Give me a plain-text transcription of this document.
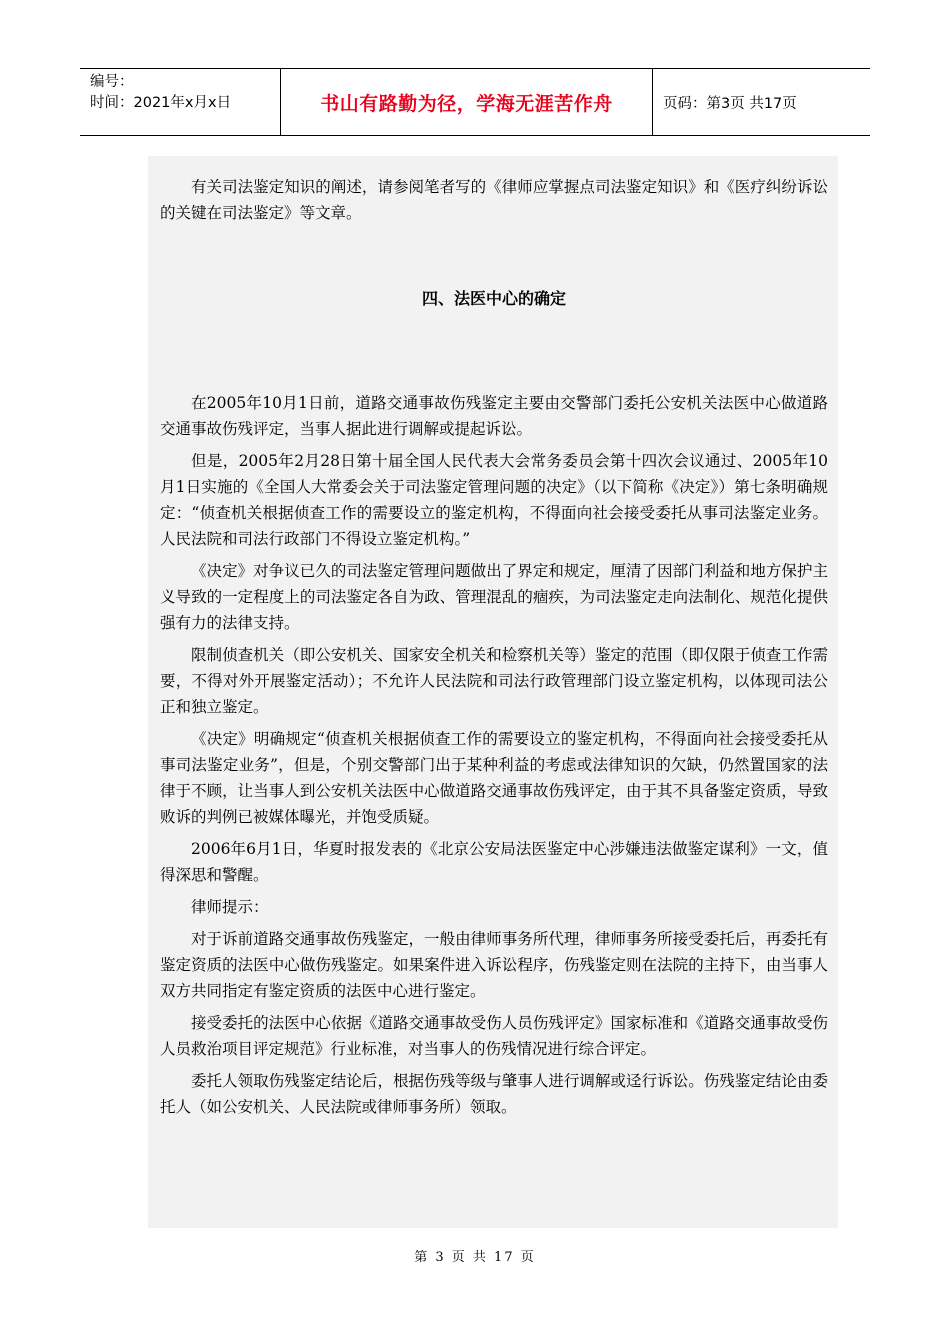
编号：
时间：2021年x月x日	书山有路勤为径，学海无涯苦作舟	页码：第3页 共17页

有关司法鉴定知识的阐述，请参阅笔者写的《律师应掌握点司法鉴定知识》和《医疗纠纷诉讼的关键在司法鉴定》等文章。

四、法医中心的确定

在2005年10月1日前，道路交通事故伤残鉴定主要由交警部门委托公安机关法医中心做道路交通事故伤残评定，当事人据此进行调解或提起诉讼。

但是，2005年2月28日第十届全国人民代表大会常务委员会第十四次会议通过、2005年10月1日实施的《全国人大常委会关于司法鉴定管理问题的决定》（以下简称《决定》）第七条明确规定：“侦查机关根据侦查工作的需要设立的鉴定机构，不得面向社会接受委托从事司法鉴定业务。人民法院和司法行政部门不得设立鉴定机构。”

《决定》对争议已久的司法鉴定管理问题做出了界定和规定，厘清了因部门利益和地方保护主义导致的一定程度上的司法鉴定各自为政、管理混乱的痼疾，为司法鉴定走向法制化、规范化提供强有力的法律支持。

限制侦查机关（即公安机关、国家安全机关和检察机关等）鉴定的范围（即仅限于侦查工作需要，不得对外开展鉴定活动）；不允许人民法院和司法行政管理部门设立鉴定机构，以体现司法公正和独立鉴定。

《决定》明确规定“侦查机关根据侦查工作的需要设立的鉴定机构，不得面向社会接受委托从事司法鉴定业务”，但是，个别交警部门出于某种利益的考虑或法律知识的欠缺，仍然置国家的法律于不顾，让当事人到公安机关法医中心做道路交通事故伤残评定，由于其不具备鉴定资质，导致败诉的判例已被媒体曝光，并饱受质疑。

2006年6月1日，华夏时报发表的《北京公安局法医鉴定中心涉嫌违法做鉴定谋利》一文，值得深思和警醒。

律师提示：

对于诉前道路交通事故伤残鉴定，一般由律师事务所代理，律师事务所接受委托后，再委托有鉴定资质的法医中心做伤残鉴定。如果案件进入诉讼程序，伤残鉴定则在法院的主持下，由当事人双方共同指定有鉴定资质的法医中心进行鉴定。

接受委托的法医中心依据《道路交通事故受伤人员伤残评定》国家标准和《道路交通事故受伤人员救治项目评定规范》行业标准，对当事人的伤残情况进行综合评定。

委托人领取伤残鉴定结论后，根据伤残等级与肇事人进行调解或迳行诉讼。伤残鉴定结论由委托人（如公安机关、人民法院或律师事务所）领取。

第 3 页 共 17 页
